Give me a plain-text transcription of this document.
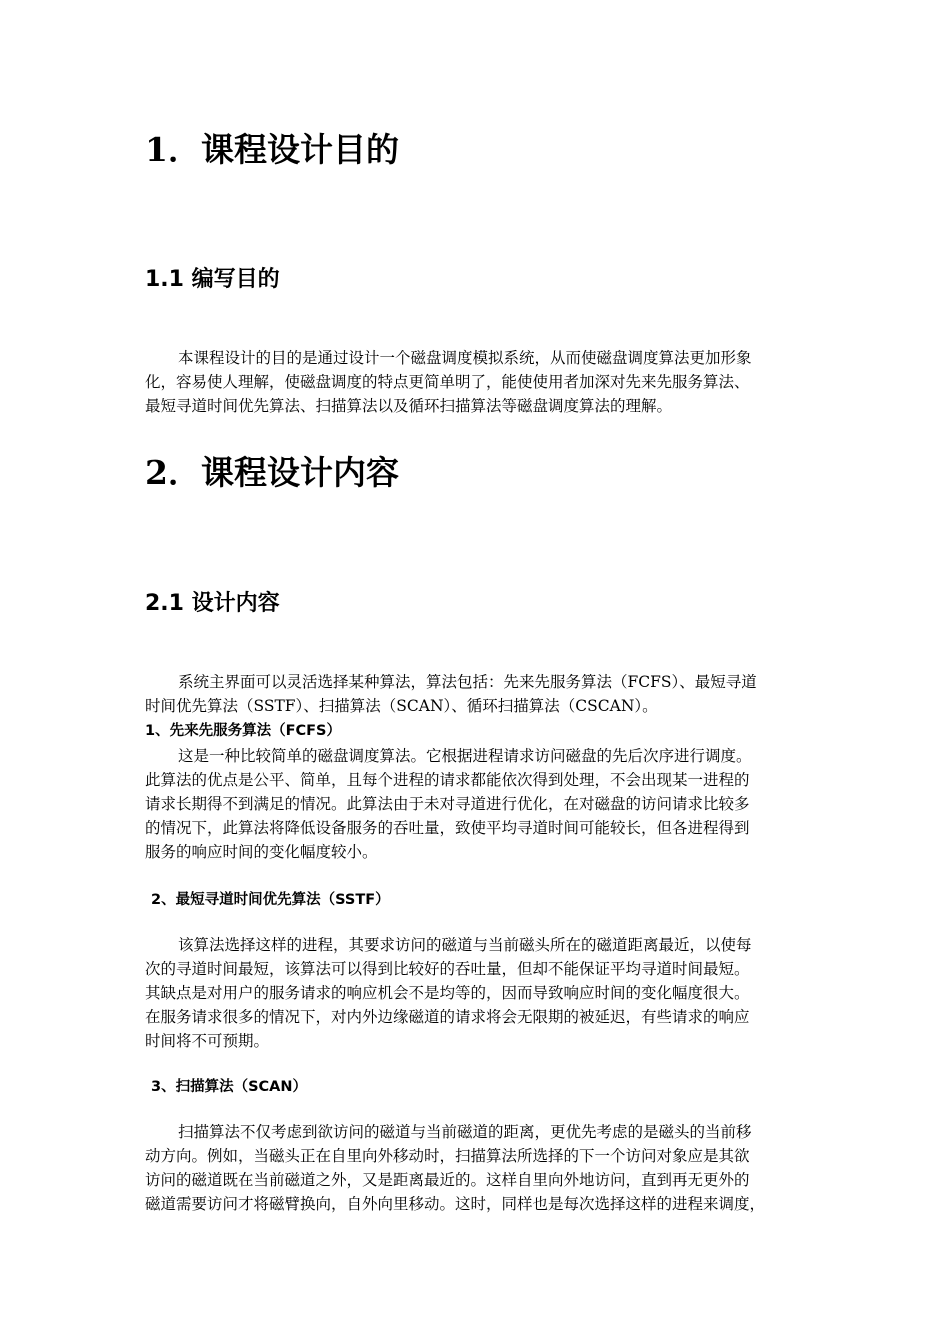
1．课程设计目的
1.1 编写目的
本课程设计的目的是通过设计一个磁盘调度模拟系统，从而使磁盘调度算法更加形象
化，容易使人理解，使磁盘调度的特点更简单明了，能使使用者加深对先来先服务算法、
最短寻道时间优先算法、扫描算法以及循环扫描算法等磁盘调度算法的理解。
2．课程设计内容
2.1 设计内容
系统主界面可以灵活选择某种算法，算法包括：先来先服务算法（FCFS）、最短寻道
时间优先算法（SSTF）、扫描算法（SCAN）、循环扫描算法（CSCAN）。
1、先来先服务算法（FCFS）
这是一种比较简单的磁盘调度算法。它根据进程请求访问磁盘的先后次序进行调度。
此算法的优点是公平、简单，且每个进程的请求都能依次得到处理，不会出现某一进程的
请求长期得不到满足的情况。此算法由于未对寻道进行优化，在对磁盘的访问请求比较多
的情况下，此算法将降低设备服务的吞吐量，致使平均寻道时间可能较长，但各进程得到
服务的响应时间的变化幅度较小。
2、最短寻道时间优先算法（SSTF）
该算法选择这样的进程，其要求访问的磁道与当前磁头所在的磁道距离最近，以使每
次的寻道时间最短，该算法可以得到比较好的吞吐量，但却不能保证平均寻道时间最短。
其缺点是对用户的服务请求的响应机会不是均等的，因而导致响应时间的变化幅度很大。
在服务请求很多的情况下，对内外边缘磁道的请求将会无限期的被延迟，有些请求的响应
时间将不可预期。
3、扫描算法（SCAN）
扫描算法不仅考虑到欲访问的磁道与当前磁道的距离，更优先考虑的是磁头的当前移
动方向。例如，当磁头正在自里向外移动时，扫描算法所选择的下一个访问对象应是其欲
访问的磁道既在当前磁道之外，又是距离最近的。这样自里向外地访问，直到再无更外的
磁道需要访问才将磁臂换向，自外向里移动。这时，同样也是每次选择这样的进程来调度，
